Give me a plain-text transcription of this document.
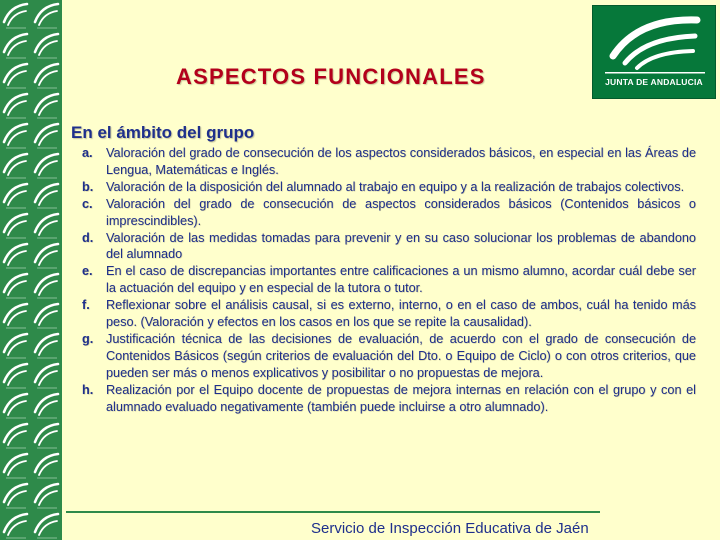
JUNTA DE ANDALUCIA
ASPECTOS FUNCIONALES
En el ámbito del grupo
a. Valoración del grado de consecución de los aspectos considerados básicos, en especial en las Áreas de Lengua, Matemáticas e Inglés.
b. Valoración de la disposición del alumnado al trabajo en equipo y a la realización de trabajos colectivos.
c. Valoración del grado de consecución de aspectos considerados básicos (Contenidos básicos o imprescindibles).
d. Valoración de las medidas tomadas para prevenir y en su caso solucionar los problemas de abandono del alumnado
e. En el caso de discrepancias importantes entre calificaciones a un mismo alumno, acordar cuál debe ser la actuación del equipo y en especial de la tutora o tutor.
f. Reflexionar sobre el análisis causal, si es externo, interno, o en el caso de ambos, cuál ha tenido más peso. (Valoración y efectos en los casos en los que se repite la causalidad).
g. Justificación técnica de las decisiones de evaluación, de acuerdo con el grado de consecución de Contenidos Básicos (según criterios de evaluación del Dto. o Equipo de Ciclo) o con otros criterios, que pueden ser más o menos explicativos y posibilitar o no propuestas de mejora.
h. Realización por el Equipo docente de propuestas de mejora internas en relación con el grupo y con el alumnado evaluado negativamente (también puede incluirse a otro alumnado).
Servicio de Inspección Educativa de Jaén
